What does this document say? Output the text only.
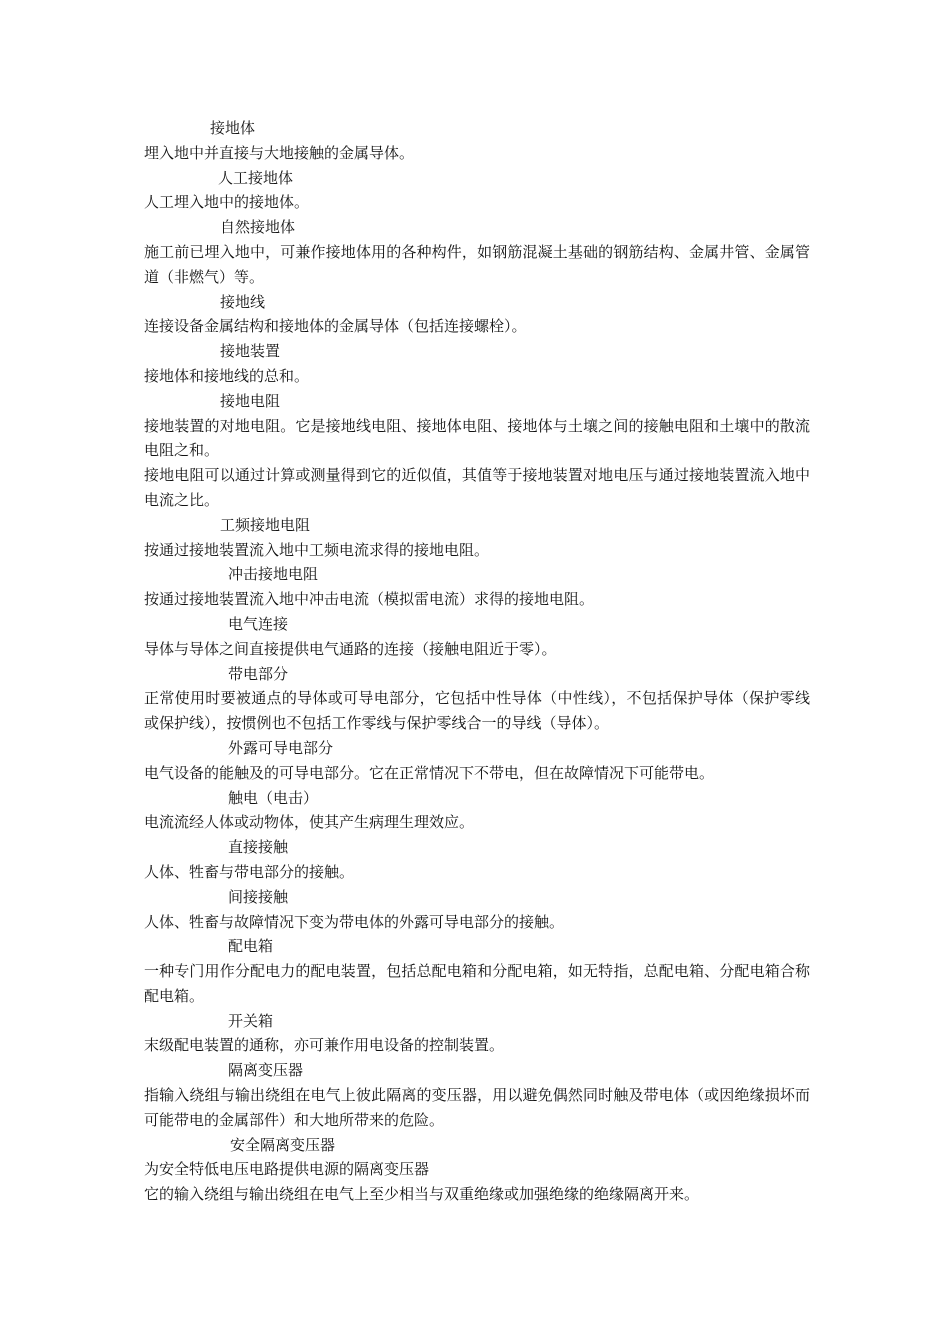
接地体
埋入地中并直接与大地接触的金属导体。
人工接地体
人工埋入地中的接地体。
自然接地体
施工前已埋入地中，可兼作接地体用的各种构件，如钢筋混凝土基础的钢筋结构、金属井管、金属管道（非燃气）等。
接地线
连接设备金属结构和接地体的金属导体（包括连接螺栓）。
接地装置
接地体和接地线的总和。
接地电阻
接地装置的对地电阻。它是接地线电阻、接地体电阻、接地体与土壤之间的接触电阻和土壤中的散流电阻之和。
接地电阻可以通过计算或测量得到它的近似值，其值等于接地装置对地电压与通过接地装置流入地中电流之比。
工频接地电阻
按通过接地装置流入地中工频电流求得的接地电阻。
冲击接地电阻
按通过接地装置流入地中冲击电流（模拟雷电流）求得的接地电阻。
电气连接
导体与导体之间直接提供电气通路的连接（接触电阻近于零）。
带电部分
正常使用时要被通点的导体或可导电部分，它包括中性导体（中性线），不包括保护导体（保护零线或保护线），按惯例也不包括工作零线与保护零线合一的导线（导体）。
外露可导电部分
电气设备的能触及的可导电部分。它在正常情况下不带电，但在故障情况下可能带电。
触电（电击）
电流流经人体或动物体，使其产生病理生理效应。
直接接触
人体、牲畜与带电部分的接触。
间接接触
人体、牲畜与故障情况下变为带电体的外露可导电部分的接触。
配电箱
一种专门用作分配电力的配电装置，包括总配电箱和分配电箱，如无特指，总配电箱、分配电箱合称配电箱。
开关箱
末级配电装置的通称，亦可兼作用电设备的控制装置。
隔离变压器
指输入绕组与输出绕组在电气上彼此隔离的变压器，用以避免偶然同时触及带电体（或因绝缘损坏而可能带电的金属部件）和大地所带来的危险。
安全隔离变压器
为安全特低电压电路提供电源的隔离变压器
它的输入绕组与输出绕组在电气上至少相当与双重绝缘或加强绝缘的绝缘隔离开来。
